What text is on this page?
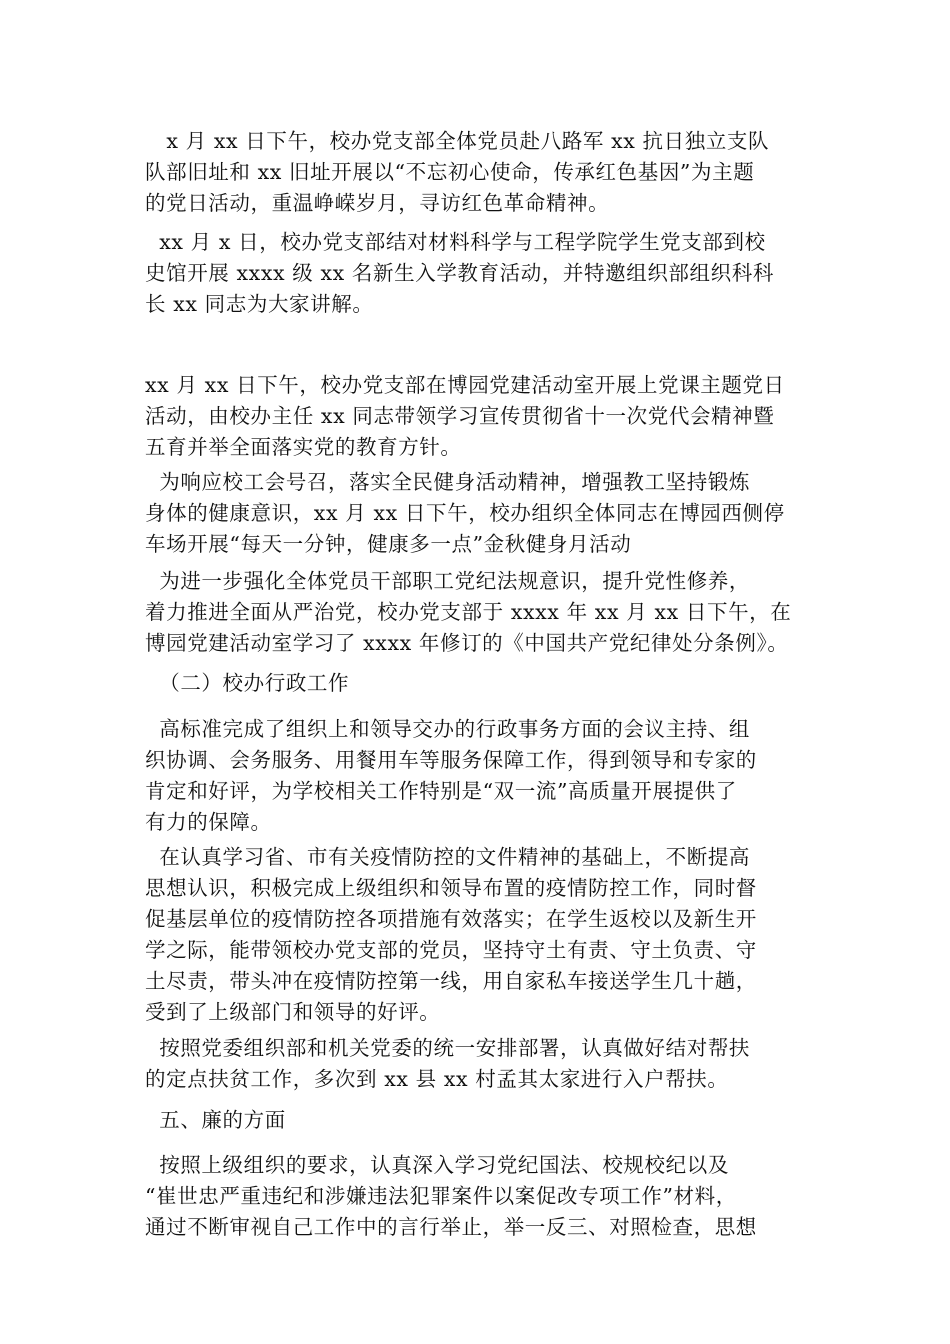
x 月 xx 日下午，校办党支部全体党员赴八路军 xx 抗日独立支队
队部旧址和 xx 旧址开展以“不忘初心使命，传承红色基因”为主题
的党日活动，重温峥嵘岁月，寻访红色革命精神。

xx 月 x 日，校办党支部结对材料科学与工程学院学生党支部到校
史馆开展 xxxx 级 xx 名新生入学教育活动，并特邀组织部组织科科
长 xx 同志为大家讲解。

xx 月 xx 日下午，校办党支部在博园党建活动室开展上党课主题党日
活动，由校办主任 xx 同志带领学习宣传贯彻省十一次党代会精神暨
五育并举全面落实党的教育方针。

为响应校工会号召，落实全民健身活动精神，增强教工坚持锻炼
身体的健康意识，xx 月 xx 日下午，校办组织全体同志在博园西侧停
车场开展“每天一分钟，健康多一点”金秋健身月活动

为进一步强化全体党员干部职工党纪法规意识，提升党性修养，
着力推进全面从严治党，校办党支部于 xxxx 年 xx 月 xx 日下午，在
博园党建活动室学习了 xxxx 年修订的《中国共产党纪律处分条例》。

（二）校办行政工作

高标准完成了组织上和领导交办的行政事务方面的会议主持、组
织协调、会务服务、用餐用车等服务保障工作，得到领导和专家的
肯定和好评，为学校相关工作特别是“双一流”高质量开展提供了
有力的保障。

在认真学习省、市有关疫情防控的文件精神的基础上，不断提高
思想认识，积极完成上级组织和领导布置的疫情防控工作，同时督
促基层单位的疫情防控各项措施有效落实；在学生返校以及新生开
学之际，能带领校办党支部的党员，坚持守土有责、守土负责、守
土尽责，带头冲在疫情防控第一线，用自家私车接送学生几十趟，
受到了上级部门和领导的好评。

按照党委组织部和机关党委的统一安排部署，认真做好结对帮扶
的定点扶贫工作，多次到 xx 县 xx 村孟其太家进行入户帮扶。

五、廉的方面

按照上级组织的要求，认真深入学习党纪国法、校规校纪以及
“崔世忠严重违纪和涉嫌违法犯罪案件以案促改专项工作”材料，
通过不断审视自己工作中的言行举止，举一反三、对照检查，思想
